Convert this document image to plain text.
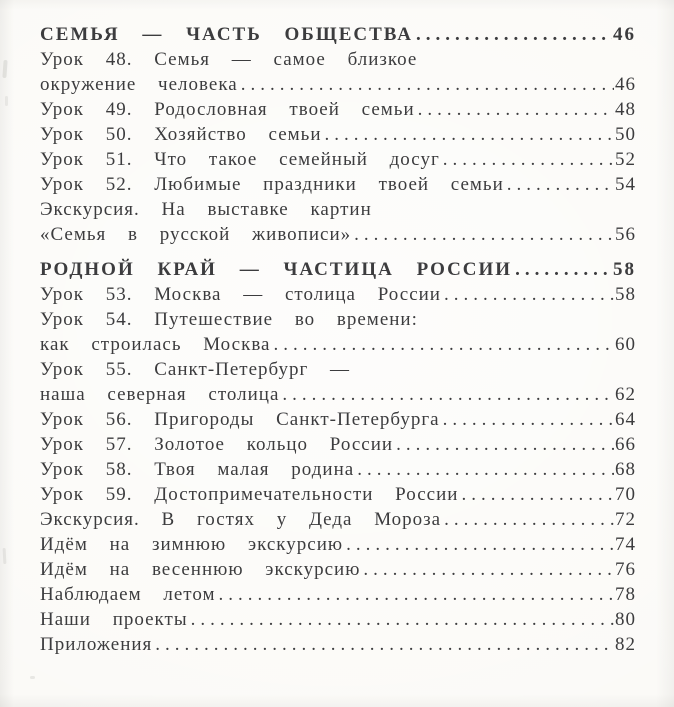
СЕМЬЯ — ЧАСТЬ ОБЩЕСТВА .....	46
Урок 48. Семья — самое близкое
окружение человека .....	46
Урок 49. Родословная твоей семьи .....	48
Урок 50. Хозяйство семьи .....	50
Урок 51. Что такое семейный досуг .....	52
Урок 52. Любимые праздники твоей семьи .....	54
Экскурсия. На выставке картин
«Семья в русской живописи» .....	56
РОДНОЙ КРАЙ — ЧАСТИЦА РОССИИ .....	58
Урок 53. Москва — столица России .....	58
Урок 54. Путешествие во времени:
как строилась Москва .....	60
Урок 55. Санкт-Петербург —
наша северная столица .....	62
Урок 56. Пригороды Санкт-Петербурга .....	64
Урок 57. Золотое кольцо России .....	66
Урок 58. Твоя малая родина .....	68
Урок 59. Достопримечательности России .....	70
Экскурсия. В гостях у Деда Мороза .....	72
Идём на зимнюю экскурсию .....	74
Идём на весеннюю экскурсию .....	76
Наблюдаем летом .....	78
Наши проекты .....	80
Приложения .....	82
